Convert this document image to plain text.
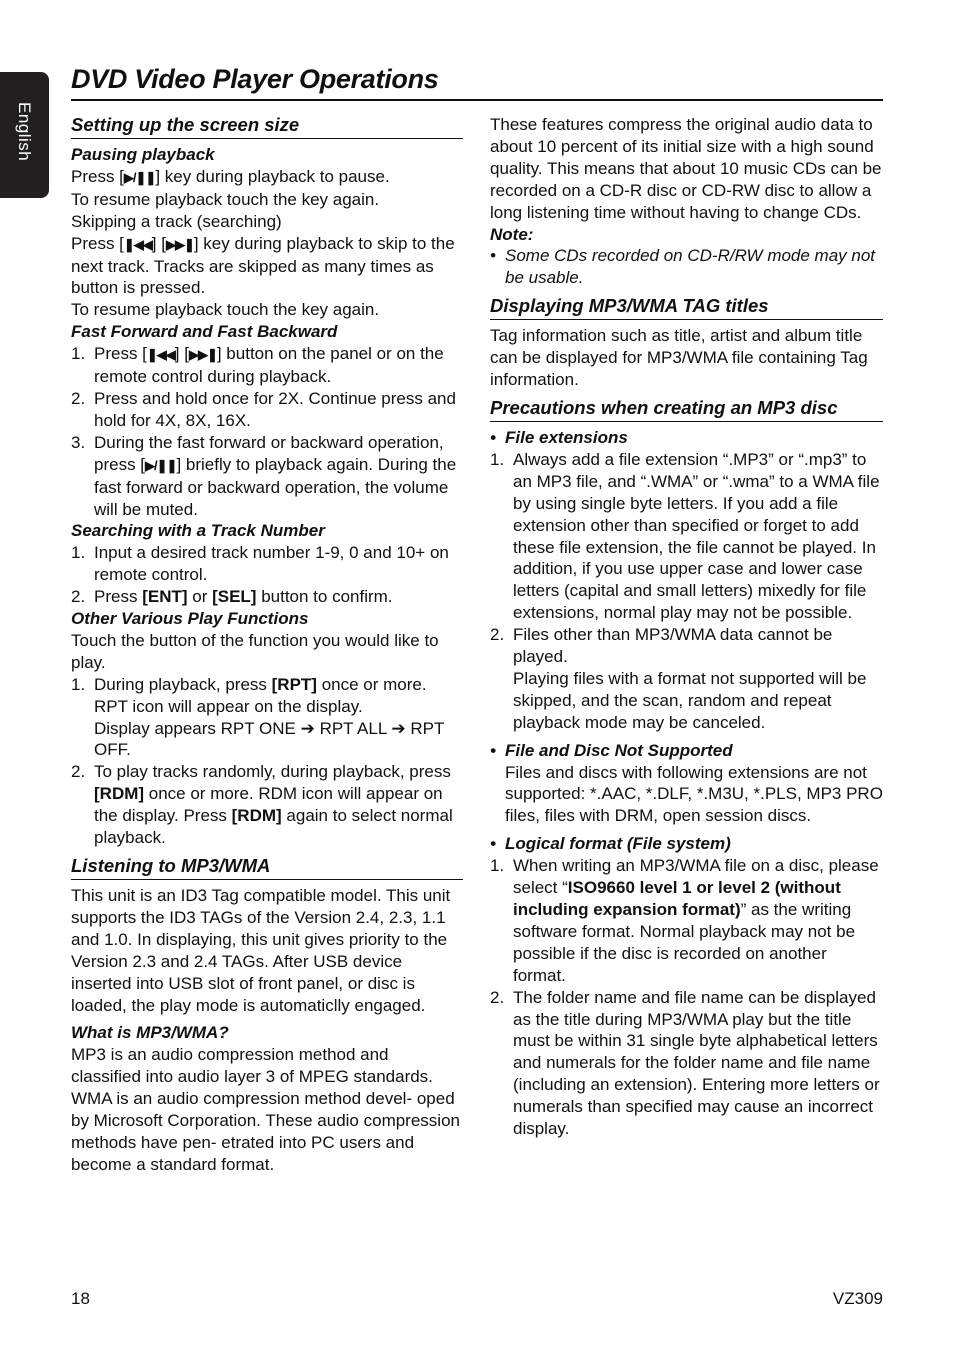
English
DVD Video Player Operations
Setting up the screen size

Pausing playback

Press [▶/❚❚] key during playback to pause.

To resume playback touch the key again.

Skipping a track (searching)

Press [❚◀◀] [▶▶❚] key during playback to skip to the next track. Tracks are skipped as many times as button is pressed.

To resume playback touch the key again.

Fast Forward and Fast Backward

1. Press [❚◀◀] [▶▶❚] button on the panel or on the remote control during playback.
2. Press and hold once for 2X. Continue press and hold for 4X, 8X, 16X.
3. During the fast forward or backward operation, press [▶/❚❚] briefly to playback again. During the fast forward or backward operation, the volume will be muted.

Searching with a Track Number

1. Input a desired track number 1-9, 0 and 10+ on remote control.
2. Press [ENT] or [SEL] button to confirm.

Other Various Play Functions

Touch the button of the function you would like to play.

1. During playback, press [RPT] once or more. RPT icon will appear on the display.
Display appears RPT ONE ➔ RPT ALL ➔ RPT OFF.
2. To play tracks randomly, during playback, press [RDM] once or more. RDM icon will appear on the display. Press [RDM] again to select normal playback.
Listening to MP3/WMA

This unit is an ID3 Tag compatible model. This unit supports the ID3 TAGs of the Version 2.4, 2.3, 1.1 and 1.0. In displaying, this unit gives priority to the Version 2.3 and 2.4 TAGs. After USB device inserted into USB slot of front panel, or disc is loaded, the play mode is automaticlly engaged.

What is MP3/WMA?

MP3 is an audio compression method and classified into audio layer 3 of MPEG standards. WMA is an audio compression method devel- oped by Microsoft Corporation. These audio compression methods have pen- etrated into PC users and become a standard format.

These features compress the original audio data to about 10 percent of its initial size with a high sound quality. This means that about 10 music CDs can be recorded on a CD-R disc or CD-RW disc to allow a long listening time without having to change CDs.

Note:

• Some CDs recorded on CD-R/RW mode may not be usable.
Displaying MP3/WMA TAG titles

Tag information such as title, artist and album title can be displayed for MP3/WMA file containing Tag information.

Precautions when creating an MP3 disc
• File extensions
1. Always add a file extension “.MP3” or “.mp3” to an MP3 file, and “.WMA” or “.wma” to a WMA file by using single byte letters. If you add a file extension other than specified or forget to add these file extension, the file cannot be played. In addition, if you use upper case and lower case letters (capital and small letters) mixedly for file extensions, normal play may not be possible.
2. Files other than MP3/WMA data cannot be played.
Playing files with a format not supported will be skipped, and the scan, random and repeat playback mode may be canceled.
• File and Disc Not Supported

Files and discs with following extensions are not supported: *.AAC, *.DLF, *.M3U, *.PLS, MP3 PRO files, files with DRM, open session discs.

• Logical format (File system)
1. When writing an MP3/WMA file on a disc, please select “ISO9660 level 1 or level 2 (without including expansion format)” as the writing software format. Normal playback may not be possible if the disc is recorded on another format.
2. The folder name and file name can be displayed as the title during MP3/WMA play but the title must be within 31 single byte alphabetical letters and numerals for the folder name and file name (including an extension). Entering more letters or numerals than specified may cause an incorrect display.
18	VZ309
